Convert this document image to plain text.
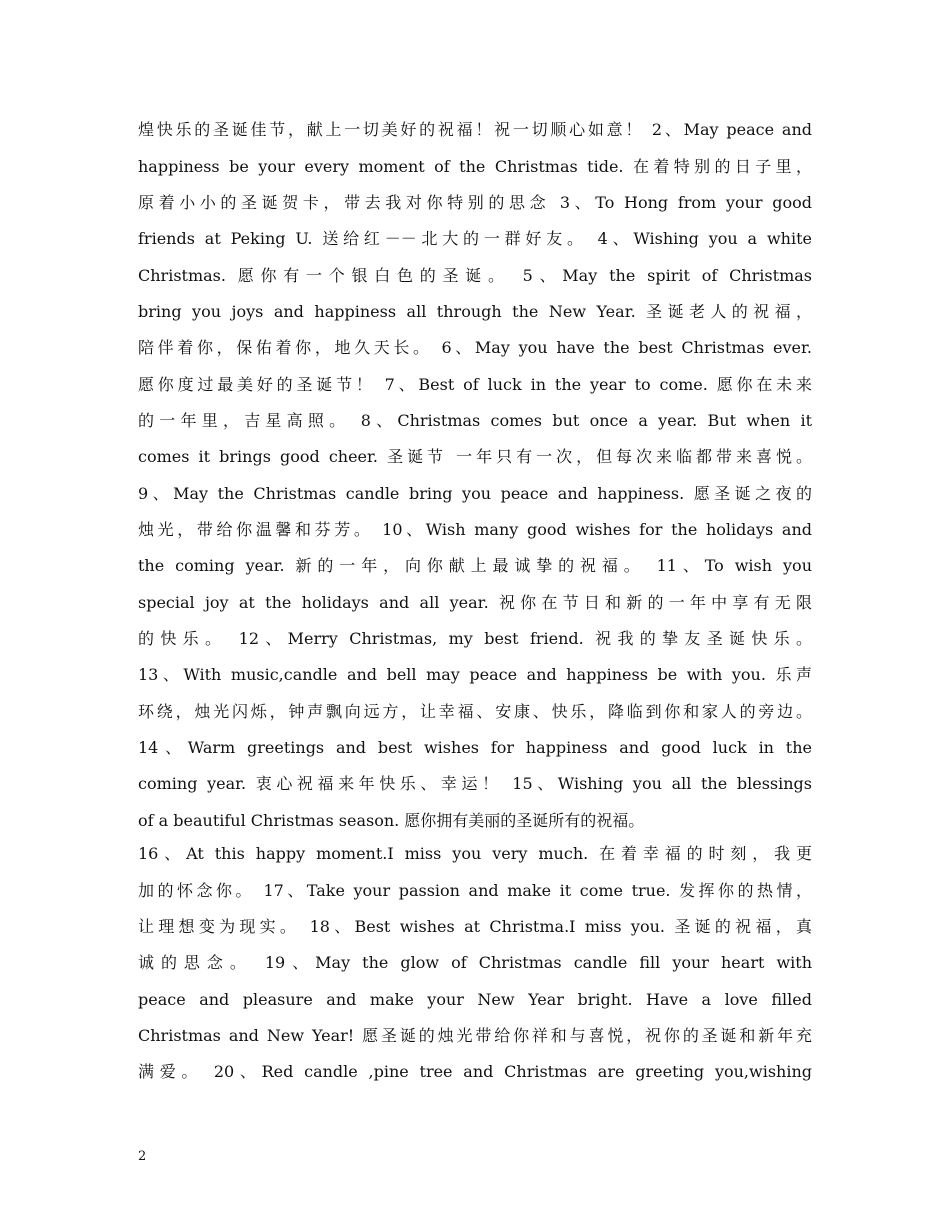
煌快乐的圣诞佳节，献上一切美好的祝福！祝一切顺心如意！ 2、May peace and
happiness be your every moment of the Christmas tide. 在着特别的日子里，
原着小小的圣诞贺卡，带去我对你特别的思念 3、To Hong from your good
friends at Peking U. 送给红－－北大的一群好友。 4、Wishing you a white
Christmas. 愿你有一个银白色的圣诞。 5、May the spirit of Christmas
bring you joys and happiness all through the New Year. 圣诞老人的祝福，
陪伴着你，保佑着你，地久天长。 6、May you have the best Christmas ever.
愿你度过最美好的圣诞节！ 7、Best of luck in the year to come. 愿你在未来
的一年里，吉星高照。 8、Christmas comes but once a year. But when it
comes it brings good cheer. 圣诞节 一年只有一次，但每次来临都带来喜悦。
9、May the Christmas candle bring you peace and happiness. 愿圣诞之夜的
烛光，带给你温馨和芬芳。 10、Wish many good wishes for the holidays and
the coming year. 新的一年，向你献上最诚挚的祝福。 11、To wish you
special joy at the holidays and all year. 祝你在节日和新的一年中享有无限
的快乐。 12、Merry Christmas, my best friend. 祝我的挚友圣诞快乐。
13、With music,candle and bell may peace and happiness be with you. 乐声
环绕，烛光闪烁，钟声飘向远方，让幸福、安康、快乐，降临到你和家人的旁边。
14、Warm greetings and best wishes for happiness and good luck in the
coming year. 衷心祝福来年快乐、幸运！ 15、Wishing you all the blessings
of a beautiful Christmas season. 愿你拥有美丽的圣诞所有的祝福。
16、At this happy moment.I miss you very much. 在着幸福的时刻，我更
加的怀念你。 17、Take your passion and make it come true. 发挥你的热情，
让理想变为现实。 18、Best wishes at Christma.I miss you. 圣诞的祝福，真
诚的思念。 19、May the glow of Christmas candle fill your heart with
peace and pleasure and make your New Year bright. Have a love filled
Christmas and New Year! 愿圣诞的烛光带给你祥和与喜悦，祝你的圣诞和新年充
满爱。 20、Red candle ,pine tree and Christmas are greeting you,wishing
2
